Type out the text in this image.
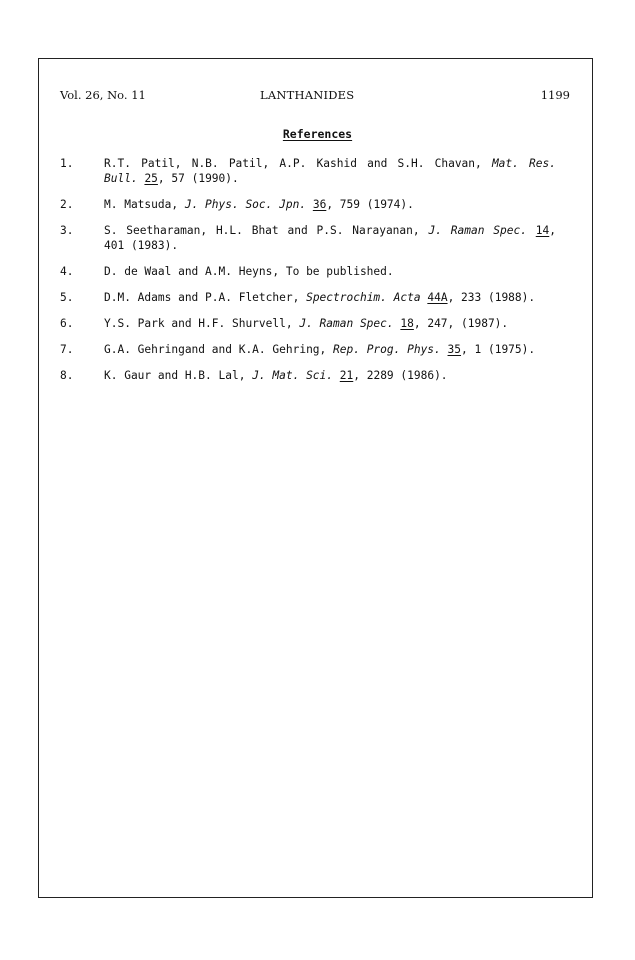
Vol. 26, No. 11	LANTHANIDES	1199
References
1.	R.T. Patil, N.B. Patil, A.P. Kashid and S.H. Chavan, Mat. Res. Bull. 25, 57 (1990).
2.	M. Matsuda, J. Phys. Soc. Jpn. 36, 759 (1974).
3.	S. Seetharaman, H.L. Bhat and P.S. Narayanan, J. Raman Spec. 14, 401 (1983).
4.	D. de Waal and A.M. Heyns, To be published.
5.	D.M. Adams and P.A. Fletcher, Spectrochim. Acta 44A, 233 (1988).
6.	Y.S. Park and H.F. Shurvell, J. Raman Spec. 18, 247, (1987).
7.	G.A. Gehringand and K.A. Gehring, Rep. Prog. Phys. 35, 1 (1975).
8.	K. Gaur and H.B. Lal, J. Mat. Sci. 21, 2289 (1986).
